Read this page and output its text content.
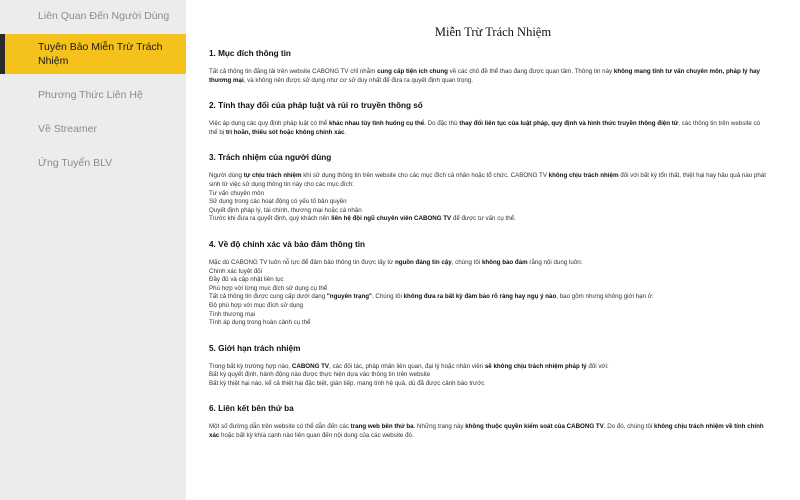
Liên Quan Đến Người Dùng
Tuyên Bảo Miễn Trừ Trách Nhiệm
Phương Thức Liên Hệ
Về Streamer
Ứng Tuyển BLV
Miễn Trừ Trách Nhiệm
1. Mục đích thông tin

Tất cả thông tin đăng tải trên website CABONG TV chỉ nhằm cung cấp tiện ích chung về các chủ đề thể thao đang được quan tâm. Thông tin này không mang tính tư vấn chuyên môn, pháp lý hay thương mại, và không nên được sử dụng như cơ sở duy nhất để đưa ra quyết định quan trọng.

2. Tính thay đổi của pháp luật và rủi ro truyền thông số

Việc áp dụng các quy định pháp luật có thể khác nhau tùy tình huống cụ thể. Do đặc thù thay đổi liên tục của luật pháp, quy định và hình thức truyền thông điện tử, các thông tin trên website có thể bị trì hoãn, thiếu sót hoặc không chính xác.

3. Trách nhiệm của người dùng

Người dùng tự chịu trách nhiệm khi sử dụng thông tin trên website cho các mục đích cá nhân hoặc tổ chức. CABONG TV không chịu trách nhiệm đối với bất kỳ tổn thất, thiệt hại hay hậu quả nào phát sinh từ việc sử dụng thông tin này cho các mục đích:

Tư vấn chuyên môn
Sử dụng trong các hoạt động có yếu tố bản quyền
Quyết định pháp lý, tài chính, thương mại hoặc cá nhân

Trước khi đưa ra quyết định, quý khách nên liên hệ đội ngũ chuyên viên CABONG TV để được tư vấn cụ thể.

4. Về độ chính xác và bảo đảm thông tin

Mặc dù CABONG TV luôn nỗ lực để đảm bảo thông tin được lấy từ nguồn đáng tin cậy, chúng tôi không bảo đảm rằng nội dung luôn:

Chính xác tuyệt đối
Đầy đủ và cập nhật liên tục
Phù hợp với từng mục đích sử dụng cụ thể

Tất cả thông tin được cung cấp dưới dạng "nguyên trạng". Chúng tôi không đưa ra bất kỳ đảm bảo rõ ràng hay ngụ ý nào, bao gồm nhưng không giới hạn ở:

Độ phù hợp với mục đích sử dụng
Tính thương mại
Tính áp dụng trong hoàn cảnh cụ thể
5. Giới hạn trách nhiệm

Trong bất kỳ trường hợp nào, CABONG TV, các đối tác, pháp nhân liên quan, đại lý hoặc nhân viên sẽ không chịu trách nhiệm pháp lý đối với:

Bất kỳ quyết định, hành động nào được thực hiện dựa vào thông tin trên website
Bất kỳ thiệt hại nào, kể cả thiệt hại đặc biệt, gián tiếp, mang tính hệ quả, dù đã được cảnh báo trước
6. Liên kết bên thứ ba

Một số đường dẫn trên website có thể dẫn đến các trang web bên thứ ba. Những trang này không thuộc quyền kiểm soát của CABONG TV. Do đó, chúng tôi không chịu trách nhiệm về tính chính xác hoặc bất kỳ khía cạnh nào liên quan đến nội dung của các website đó.
